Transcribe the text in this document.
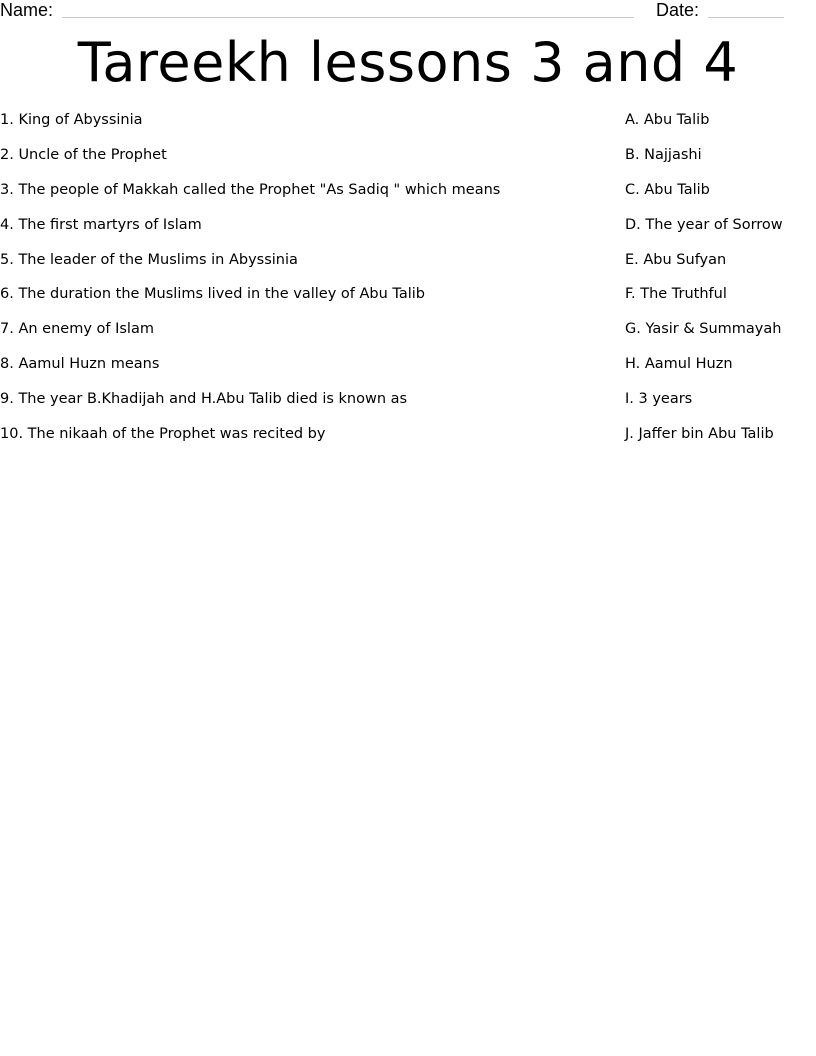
Name:	Date:
Tareekh lessons 3 and 4
1. King of Abyssinia	A. Abu Talib
2. Uncle of the Prophet	B. Najjashi
3. The people of Makkah called the Prophet "As Sadiq " which means	C. Abu Talib
4. The first martyrs of Islam	D. The year of Sorrow
5. The leader of the Muslims in Abyssinia	E. Abu Sufyan
6. The duration the Muslims lived in the valley of Abu Talib	F. The Truthful
7. An enemy of Islam	G. Yasir & Summayah
8. Aamul Huzn means	H. Aamul Huzn
9. The year B.Khadijah and H.Abu Talib died is known as	I. 3 years
10. The nikaah of the Prophet was recited by	J. Jaffer bin Abu Talib
